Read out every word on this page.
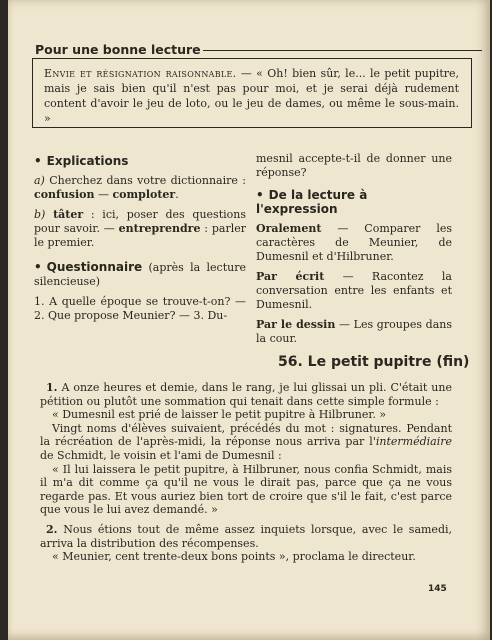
Pour une bonne lecture
Envie et résignation raisonnable. — « Oh! bien sûr, le... le petit pupitre, mais je sais bien qu'il n'est pas pour moi, et je serai déjà rudement content d'avoir le jeu de loto, ou le jeu de dames, ou même le sous-main. »
• Explications

a) Cherchez dans votre dictionnaire : confusion — comploter.

b) tâter : ici, poser des questions pour savoir. — entreprendre : parler le premier.

• Questionnaire (après la lecture silencieuse)

1. A quelle époque se trouve-t-on? — 2. Que propose Meunier? — 3. Du-

mesnil accepte-t-il de donner une réponse?

• De la lecture à l'expression

Oralement — Comparer les caractères de Meunier, de Dumesnil et d'Hilbruner.

Par écrit — Racontez la conversation entre les enfants et Dumesnil.

Par le dessin — Les groupes dans la cour.

56. Le petit pupitre (fin)

1. A onze heures et demie, dans le rang, je lui glissai un pli. C'était une pétition ou plutôt une sommation qui tenait dans cette simple formule :

« Dumesnil est prié de laisser le petit pupitre à Hilbruner. »

Vingt noms d'élèves suivaient, précédés du mot : signatures. Pendant la récréation de l'après-midi, la réponse nous arriva par l'intermédiaire de Schmidt, le voisin et l'ami de Dumesnil :

« Il lui laissera le petit pupitre, à Hilbruner, nous confia Schmidt, mais il m'a dit comme ça qu'il ne vous le dirait pas, parce que ça ne vous regarde pas. Et vous auriez bien tort de croire que s'il le fait, c'est parce que vous le lui avez demandé. »

2. Nous étions tout de même assez inquiets lorsque, avec le samedi, arriva la distribution des récompenses.

« Meunier, cent trente-deux bons points », proclama le directeur.

145
